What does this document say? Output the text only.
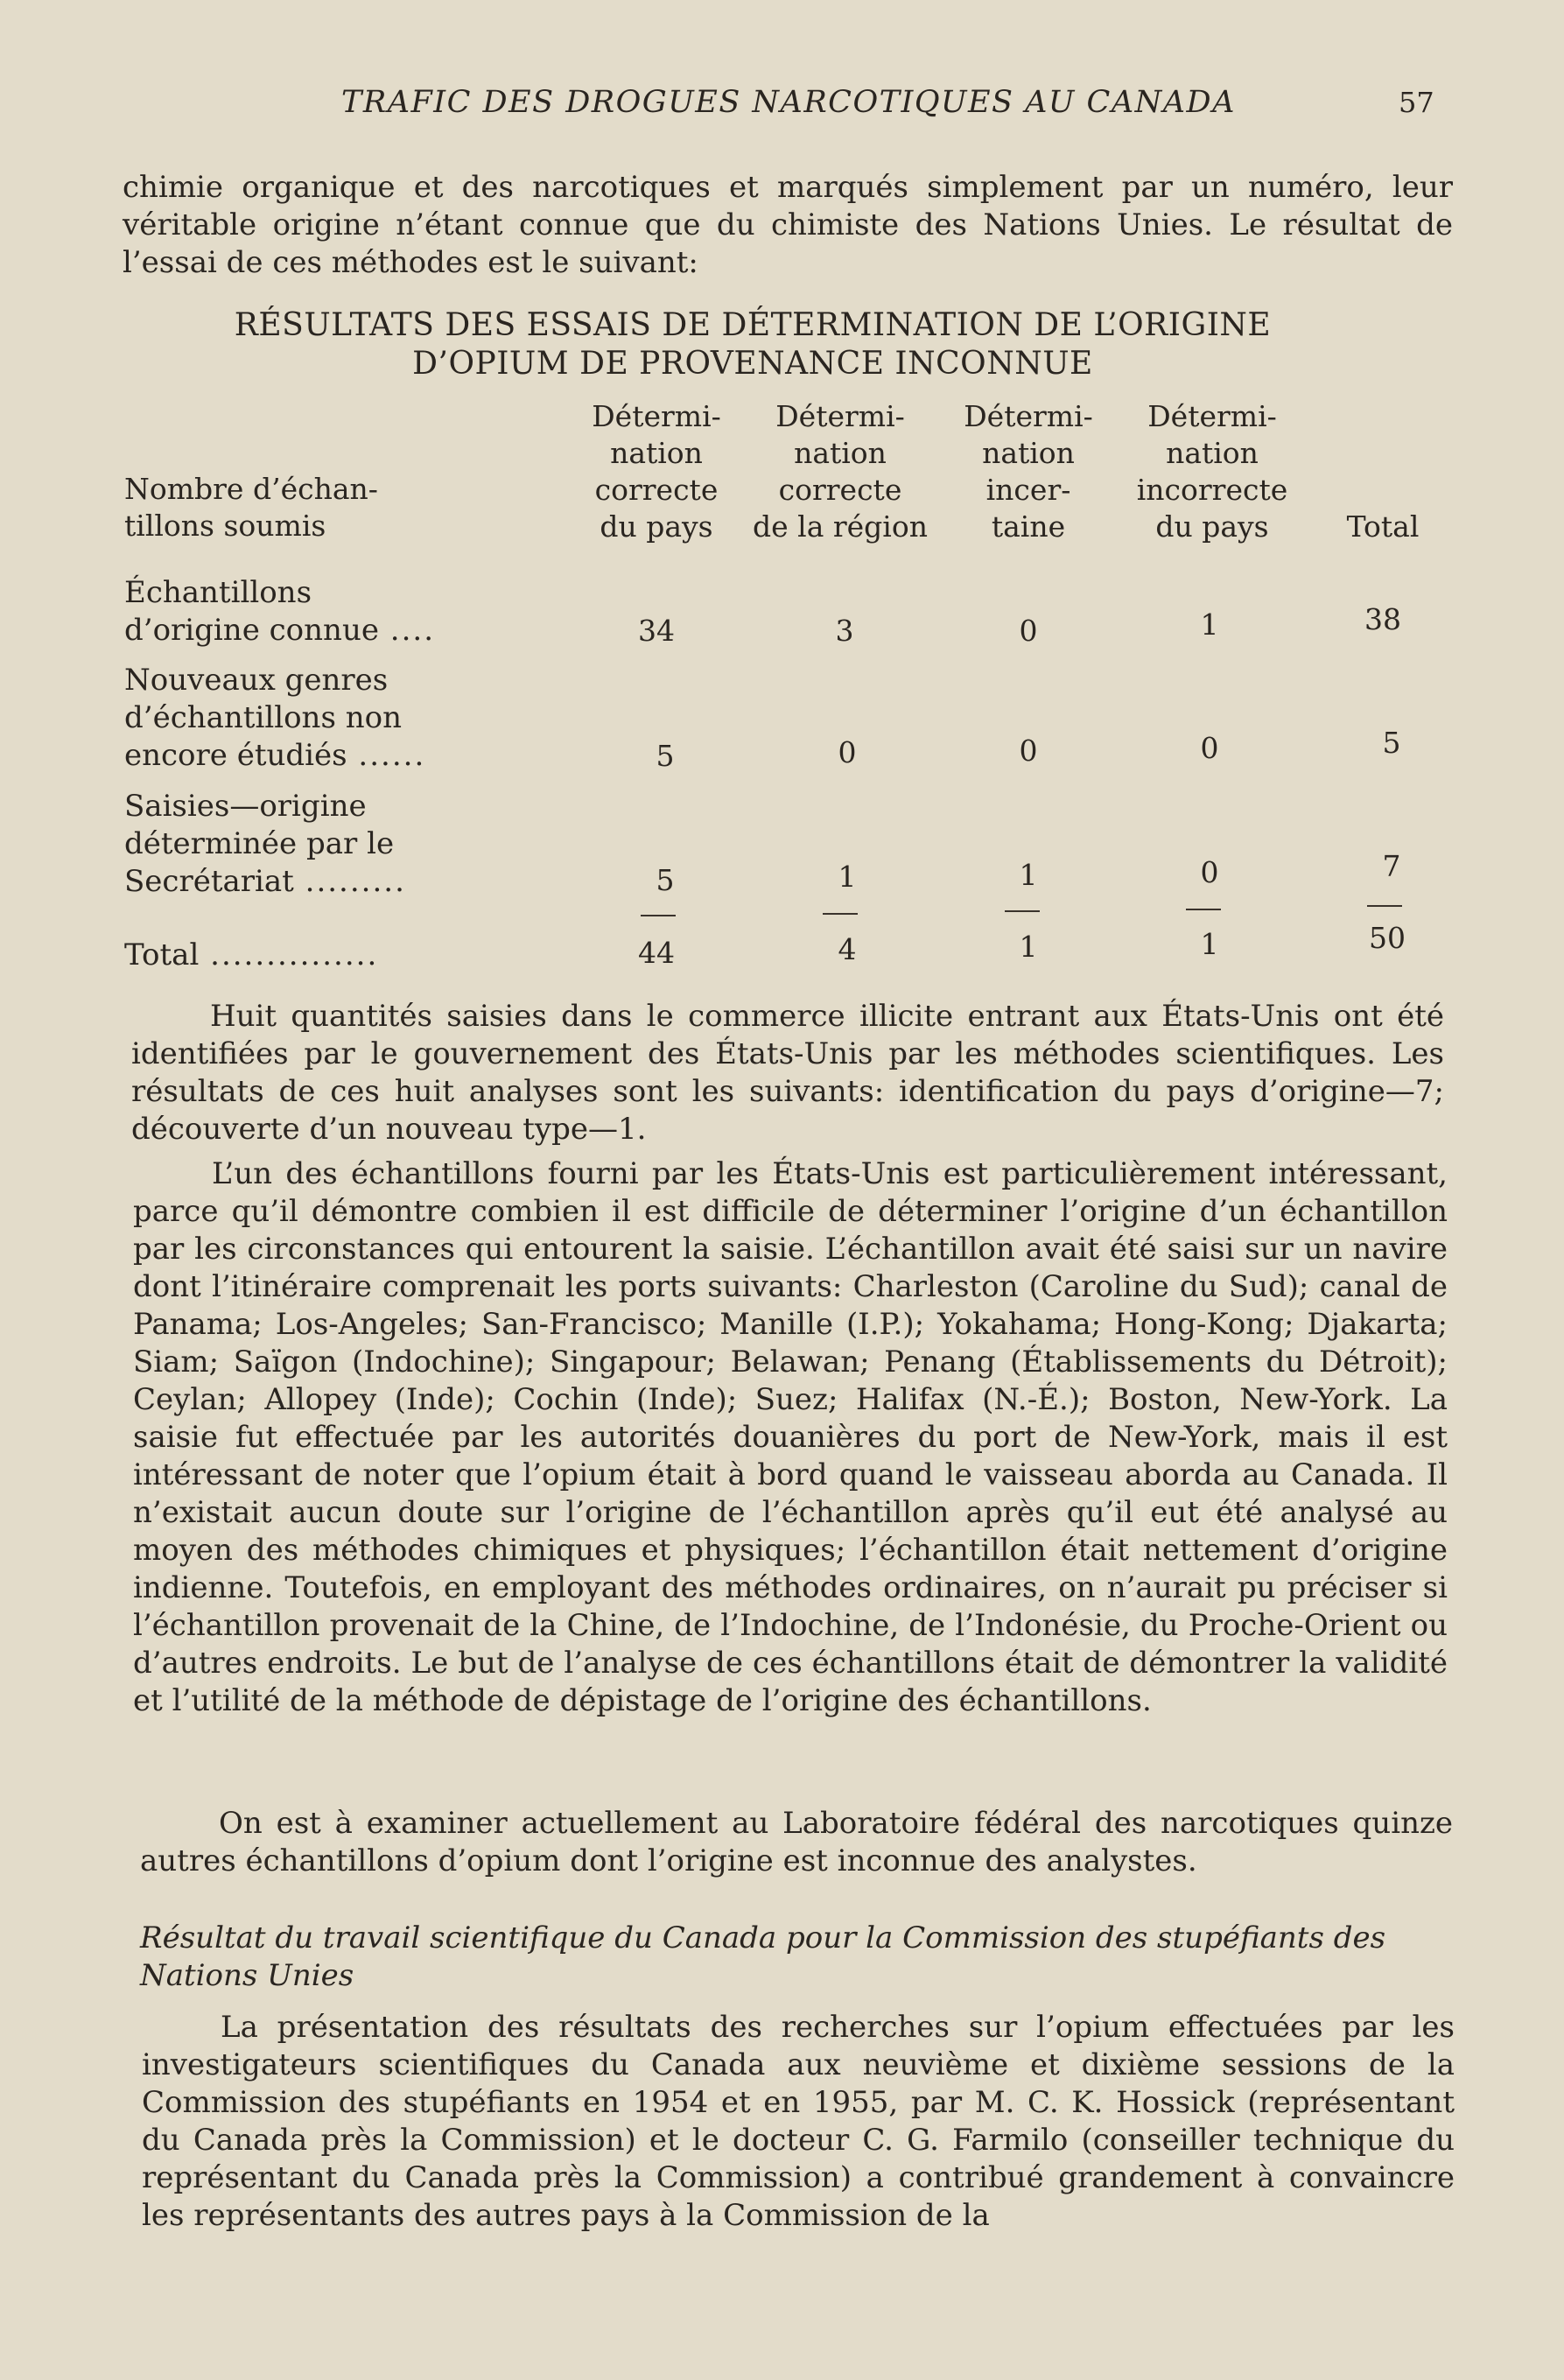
TRAFIC DES DROGUES NARCOTIQUES AU CANADA	57

chimie organique et des narcotiques et marqués simplement par un numéro, leur véritable origine n’étant connue que du chimiste des Nations Unies. Le résultat de l’essai de ces méthodes est le suivant:

RÉSULTATS DES ESSAIS DE DÉTERMINATION DE L’ORIGINE
D’OPIUM DE PROVENANCE INCONNUE
Nombre d’échan-
tillons soumis
Détermi-
nation
correcte
du pays
Détermi-
nation
correcte
de la région
Détermi-
nation
incer-
taine
Détermi-
nation
incorrecte
du pays	Total
Échantillons
d’origine connue ....	34	3	0	1	38
Nouveaux genres
d’échantillons non
encore étudiés ......	5	0	0	0	5
Saisies—origine
déterminée par le
Secrétariat .........	5	1	1	0	7
Total ...............	44	4	1	1	50

Huit quantités saisies dans le commerce illicite entrant aux États-Unis ont été identifiées par le gouvernement des États-Unis par les méthodes scientifiques. Les résultats de ces huit analyses sont les suivants: identification du pays d’origine—7; découverte d’un nouveau type—1.

L’un des échantillons fourni par les États-Unis est particulièrement intéressant, parce qu’il démontre combien il est difficile de déterminer l’origine d’un échantillon par les circonstances qui entourent la saisie. L’échantillon avait été saisi sur un navire dont l’itinéraire comprenait les ports suivants: Charleston (Caroline du Sud); canal de Panama; Los-Angeles; San-Francisco; Manille (I.P.); Yokahama; Hong-Kong; Djakarta; Siam; Saïgon (Indochine); Singapour; Belawan; Penang (Établissements du Détroit); Ceylan; Allopey (Inde); Cochin (Inde); Suez; Halifax (N.-É.); Boston, New-York. La saisie fut effectuée par les autorités douanières du port de New-York, mais il est intéressant de noter que l’opium était à bord quand le vaisseau aborda au Canada. Il n’existait aucun doute sur l’origine de l’échantillon après qu’il eut été analysé au moyen des méthodes chimiques et physiques; l’échantillon était nettement d’origine indienne. Toutefois, en employant des méthodes ordinaires, on n’aurait pu préciser si l’échantillon provenait de la Chine, de l’Indochine, de l’Indonésie, du Proche-Orient ou d’autres endroits. Le but de l’analyse de ces échantillons était de démontrer la validité et l’utilité de la méthode de dépistage de l’origine des échantillons.

On est à examiner actuellement au Laboratoire fédéral des narcotiques quinze autres échantillons d’opium dont l’origine est inconnue des analystes.

Résultat du travail scientifique du Canada pour la Commission des stupéfiants des Nations Unies

La présentation des résultats des recherches sur l’opium effectuées par les investigateurs scientifiques du Canada aux neuvième et dixième sessions de la Commission des stupéfiants en 1954 et en 1955, par M. C. K. Hossick (représentant du Canada près la Commission) et le docteur C. G. Farmilo (conseiller technique du représentant du Canada près la Commission) a contribué grandement à convaincre les représentants des autres pays à la Commission de la
